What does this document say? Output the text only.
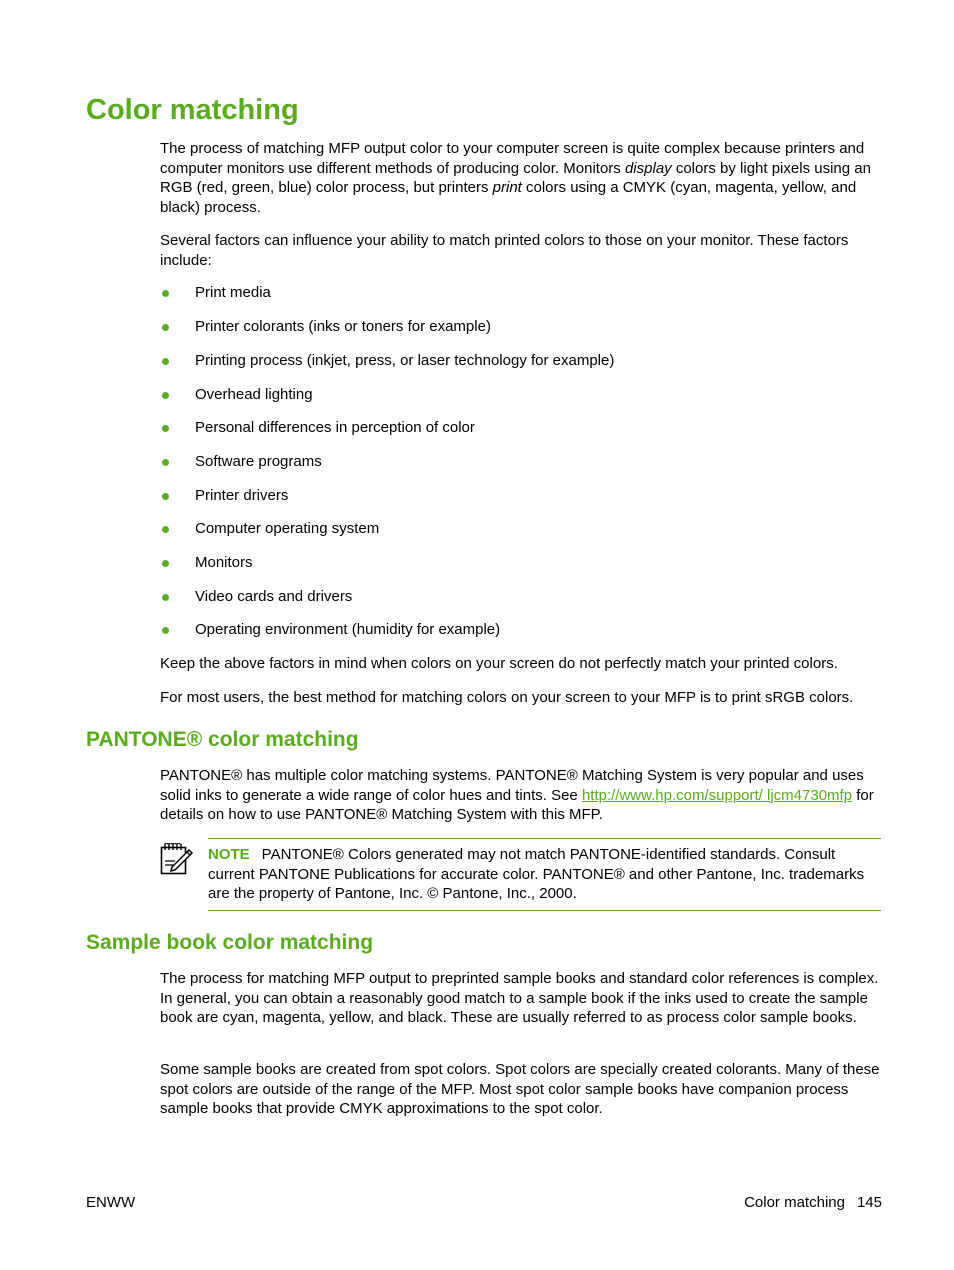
Color matching

The process of matching MFP output color to your computer screen is quite complex because printers and computer monitors use different methods of producing color. Monitors display colors by light pixels using an RGB (red, green, blue) color process, but printers print colors using a CMYK (cyan, magenta, yellow, and black) process.

Several factors can influence your ability to match printed colors to those on your monitor. These factors include:

Print media
Printer colorants (inks or toners for example)
Printing process (inkjet, press, or laser technology for example)
Overhead lighting
Personal differences in perception of color
Software programs
Printer drivers
Computer operating system
Monitors
Video cards and drivers
Operating environment (humidity for example)

Keep the above factors in mind when colors on your screen do not perfectly match your printed colors.

For most users, the best method for matching colors on your screen to your MFP is to print sRGB colors.

PANTONE® color matching

PANTONE® has multiple color matching systems. PANTONE® Matching System is very popular and uses solid inks to generate a wide range of color hues and tints. See http://www.hp.com/support/ ljcm4730mfp for details on how to use PANTONE® Matching System with this MFP.

NOTE PANTONE® Colors generated may not match PANTONE-identified standards. Consult current PANTONE Publications for accurate color. PANTONE® and other Pantone, Inc. trademarks are the property of Pantone, Inc. © Pantone, Inc., 2000.

Sample book color matching

The process for matching MFP output to preprinted sample books and standard color references is complex. In general, you can obtain a reasonably good match to a sample book if the inks used to create the sample book are cyan, magenta, yellow, and black. These are usually referred to as process color sample books.

Some sample books are created from spot colors. Spot colors are specially created colorants. Many of these spot colors are outside of the range of the MFP. Most spot color sample books have companion process sample books that provide CMYK approximations to the spot color.

ENWW	Color matching 145
